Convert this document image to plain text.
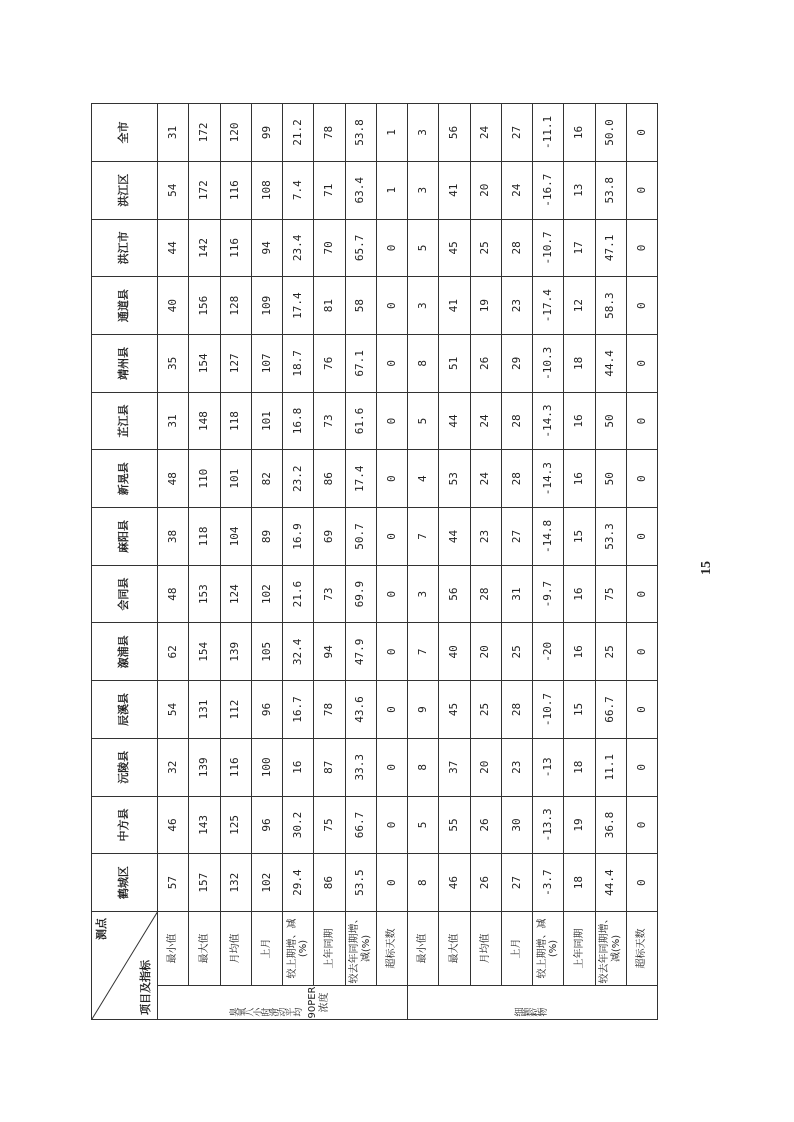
测点
项目及指标		鹤城区	中方县	沅陵县	辰溪县	溆浦县	会同县	麻阳县	新晃县	芷江县	靖州县	通道县	洪江市	洪江区	全市

臭氧八小时滑动平均 90PER浓度	最小值	57	46	32	54	62	48	38	48	31	35	40	44	54	31
	最大值	157	143	139	131	154	153	118	110	148	154	156	142	172	172
	月均值	132	125	116	112	139	124	104	101	118	127	128	116	116	120
	上月	102	96	100	96	105	102	89	82	101	107	109	94	108	99
	较上期增、减(%)	29.4	30.2	16	16.7	32.4	21.6	16.9	23.2	16.8	18.7	17.4	23.4	7.4	21.2
	上年同期	86	75	87	78	94	73	69	86	73	76	81	70	71	78
	较去年同期增、减(%)	53.5	66.7	33.3	43.6	47.9	69.9	50.7	17.4	61.6	67.1	58	65.7	63.4	53.8
	超标天数	0	0	0	0	0	0	0	0	0	0	0	0	1	1

细颗粒物	最小值	8	5	8	9	7	3	7	4	5	8	3	5	3	3
	最大值	46	55	37	45	40	56	44	53	44	51	41	45	41	56
	月均值	26	26	20	25	20	28	23	24	24	26	19	25	20	24
	上月	27	30	23	28	25	31	27	28	28	29	23	28	24	27
	较上期增、减(%)	-3.7	-13.3	-13	-10.7	-20	-9.7	-14.8	-14.3	-14.3	-10.3	-17.4	-10.7	-16.7	-11.1
	上年同期	18	19	18	15	16	16	15	16	16	18	12	17	13	16
	较去年同期增、减(%)	44.4	36.8	11.1	66.7	25	75	53.3	50	50	44.4	58.3	47.1	53.8	50.0
	超标天数	0	0	0	0	0	0	0	0	0	0	0	0	0	0
15
